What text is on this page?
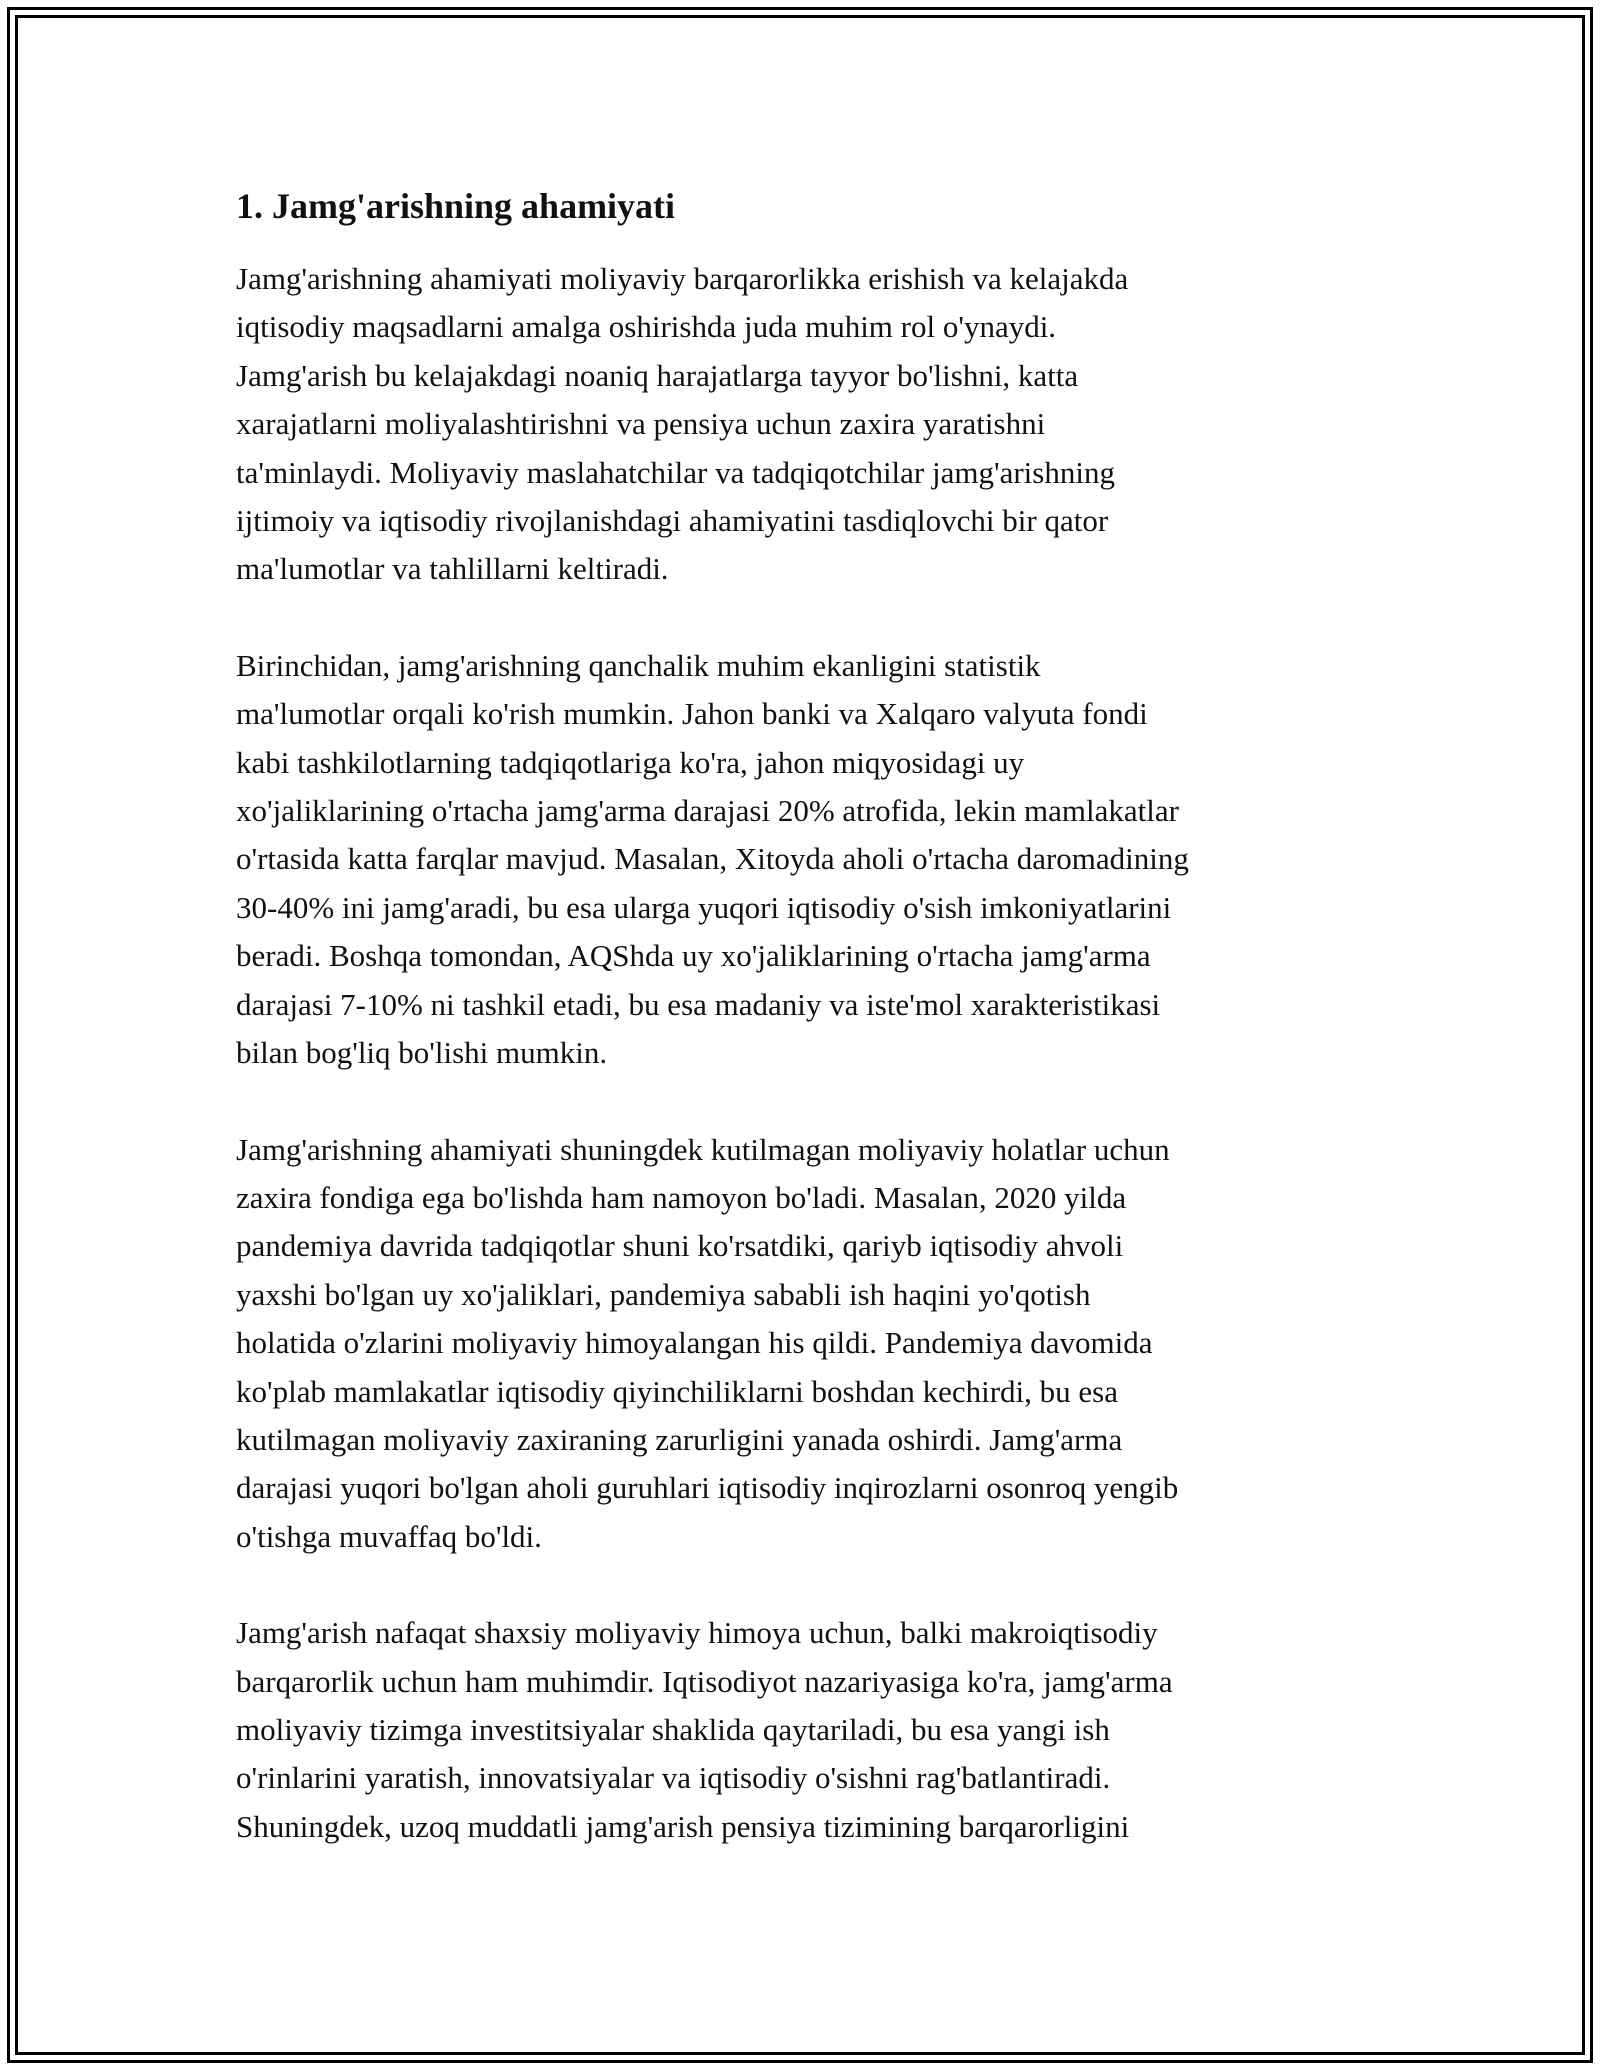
1. Jamg'arishning ahamiyati

Jamg'arishning ahamiyati moliyaviy barqarorlikka erishish va kelajakda
iqtisodiy maqsadlarni amalga oshirishda juda muhim rol o'ynaydi.
Jamg'arish bu kelajakdagi noaniq harajatlarga tayyor bo'lishni, katta
xarajatlarni moliyalashtirishni va pensiya uchun zaxira yaratishni
ta'minlaydi. Moliyaviy maslahatchilar va tadqiqotchilar jamg'arishning
ijtimoiy va iqtisodiy rivojlanishdagi ahamiyatini tasdiqlovchi bir qator
ma'lumotlar va tahlillarni keltiradi.

Birinchidan, jamg'arishning qanchalik muhim ekanligini statistik
ma'lumotlar orqali ko'rish mumkin. Jahon banki va Xalqaro valyuta fondi
kabi tashkilotlarning tadqiqotlariga ko'ra, jahon miqyosidagi uy
xo'jaliklarining o'rtacha jamg'arma darajasi 20% atrofida, lekin mamlakatlar
o'rtasida katta farqlar mavjud. Masalan, Xitoyda aholi o'rtacha daromadining
30-40% ini jamg'aradi, bu esa ularga yuqori iqtisodiy o'sish imkoniyatlarini
beradi. Boshqa tomondan, AQShda uy xo'jaliklarining o'rtacha jamg'arma
darajasi 7-10% ni tashkil etadi, bu esa madaniy va iste'mol xarakteristikasi
bilan bog'liq bo'lishi mumkin.

Jamg'arishning ahamiyati shuningdek kutilmagan moliyaviy holatlar uchun
zaxira fondiga ega bo'lishda ham namoyon bo'ladi. Masalan, 2020 yilda
pandemiya davrida tadqiqotlar shuni ko'rsatdiki, qariyb iqtisodiy ahvoli
yaxshi bo'lgan uy xo'jaliklari, pandemiya sababli ish haqini yo'qotish
holatida o'zlarini moliyaviy himoyalangan his qildi. Pandemiya davomida
ko'plab mamlakatlar iqtisodiy qiyinchiliklarni boshdan kechirdi, bu esa
kutilmagan moliyaviy zaxiraning zarurligini yanada oshirdi. Jamg'arma
darajasi yuqori bo'lgan aholi guruhlari iqtisodiy inqirozlarni osonroq yengib
o'tishga muvaffaq bo'ldi.

Jamg'arish nafaqat shaxsiy moliyaviy himoya uchun, balki makroiqtisodiy
barqarorlik uchun ham muhimdir. Iqtisodiyot nazariyasiga ko'ra, jamg'arma
moliyaviy tizimga investitsiyalar shaklida qaytariladi, bu esa yangi ish
o'rinlarini yaratish, innovatsiyalar va iqtisodiy o'sishni rag'batlantiradi.
Shuningdek, uzoq muddatli jamg'arish pensiya tizimining barqarorligini
